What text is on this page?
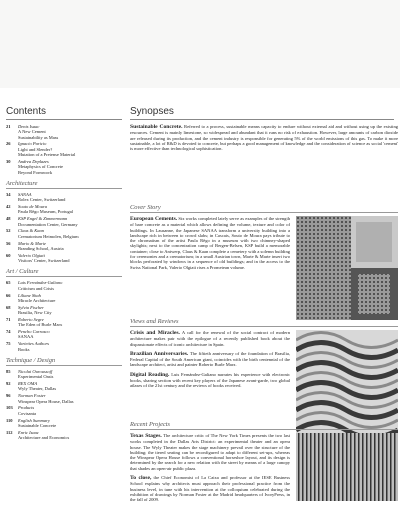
Contents	Synopses
21	Denis Isaac
A New Cement
Sustainability as Mass
26	Ignacio Paricio
Light and Slender?
Mutation of a Pretense Material
30	Andrea Deplazes
Metaphysics of Concrete
Beyond Formwork
Architecture
34	SANAA
Rolex Center, Switzerland
42	Souto de Moura
Paula Rêgo Museum, Portugal
48	KSP Engel & Zimmermann
Documentation Center, Germany
52	Claus & Kaan
Crematorium Heimolen, Belgium
56	Mario & Marie
Branding School, Austria
60	Valerio Olgiati
Visitors' Center, Switzerland
Art / Culture
65	Luis Fernández-Galiano
Criticism and Crisis
66	Líliane Shah
Miracle Architecture
68	Sylvia Fischer
Brasilia, New City
71	Roberto Segre
The Eden of Burle Marx
74	Pencho Carrasco
SANAA
75	Varieties Authors
Books
Technique / Design
85	Nicolai Ouroussoff
Experimental Oasis
92	REX OMA
Wyly Theater, Dallas
96	Norman Foster
Winspear Opera House, Dallas
103	Products
Covisanta
110	English Summary
Sustainable Concrete
112	Enric Isaac
Architecture and Economics
Sustainable Concrete. Referred to a process, sustainable means capacity to endure without external aid and without using up the existing resources. Cement is mainly limestone, so widespread and abundant that it runs no risk of exhaustion. However, large amounts of carbon dioxide are released during its production, and the cement industry is responsible for generating 5% of the world emissions of this gas. To make it more sustainable, a lot of R&D is devoted to concrete, but perhaps a good management of knowledge and the consideration of science as social 'cement' is more effective than technological sophistication.
Cover Story
European Cements. Six works completed lately serve as examples of the strength of bare concrete as a material which allows defining the volume, texture and color of buildings. In Lausanne, the Japanese SANAA transform a university building into a landscape rich in between to crowd slabs; in Cascais, Souto de Moura pays tribute to the chromatism of the artist Paula Rêgo in a museum with two chimney-shaped skylights; next to the concentration camp of Bergen-Belsen, KSP build a memorable container; close to Antwerp, Claus & Kaan complete a cemetery with a solemn building for ceremonies and a crematorium; in a small Austrian town, Marte & Marte insert two blocks perforated by windows in a sequence of old buildings; and in the access to the Swiss National Park, Valerio Olgiati rises a Prometean volume.
Views and Reviews
Crisis and Miracles. A call for the renewal of the social contract of modern architecture makes pair with the epilogue of a recently published book about the dispassionate effects of iconic architecture in Spain.
Brazilian Anniversaries. The fiftieth anniversary of the foundation of Brasilia, Federal Capital of the South American giant, coincides with the birth centennial of the landscape architect, artist and painter Roberto Burle Marx.
Digital Reading. Luis Fernández-Galiano narrates his experience with electronic books, sharing section with recent key players of the Japanese avant-garde, two global atlases of the 21st century and the reviews of books received.
Recent Projects
Texas Stages. The architecture critic of The New York Times presents the two last works completed in the Dallas Arts District: an experimental theater and an opera house. The Wyly Theater makes the stage machinery prevail over the structure of the building; the tiered seating can be reconfigured to adapt to different set-ups, whereas the Winspear Opera House follows a conventional horseshoe layout, and its design is determined by the search for a new relation with the street by means of a large canopy that shades an open-air public plaza.
To close, the Chief Economist of La Caixa and professor at the IESE Business School explains why architects must approach their professional practice from the business level, in tune with his intervention at the colloquium celebrated during the exhibition of drawings by Norman Foster at the Madrid headquarters of IvoryPress, in the fall of 2009.
